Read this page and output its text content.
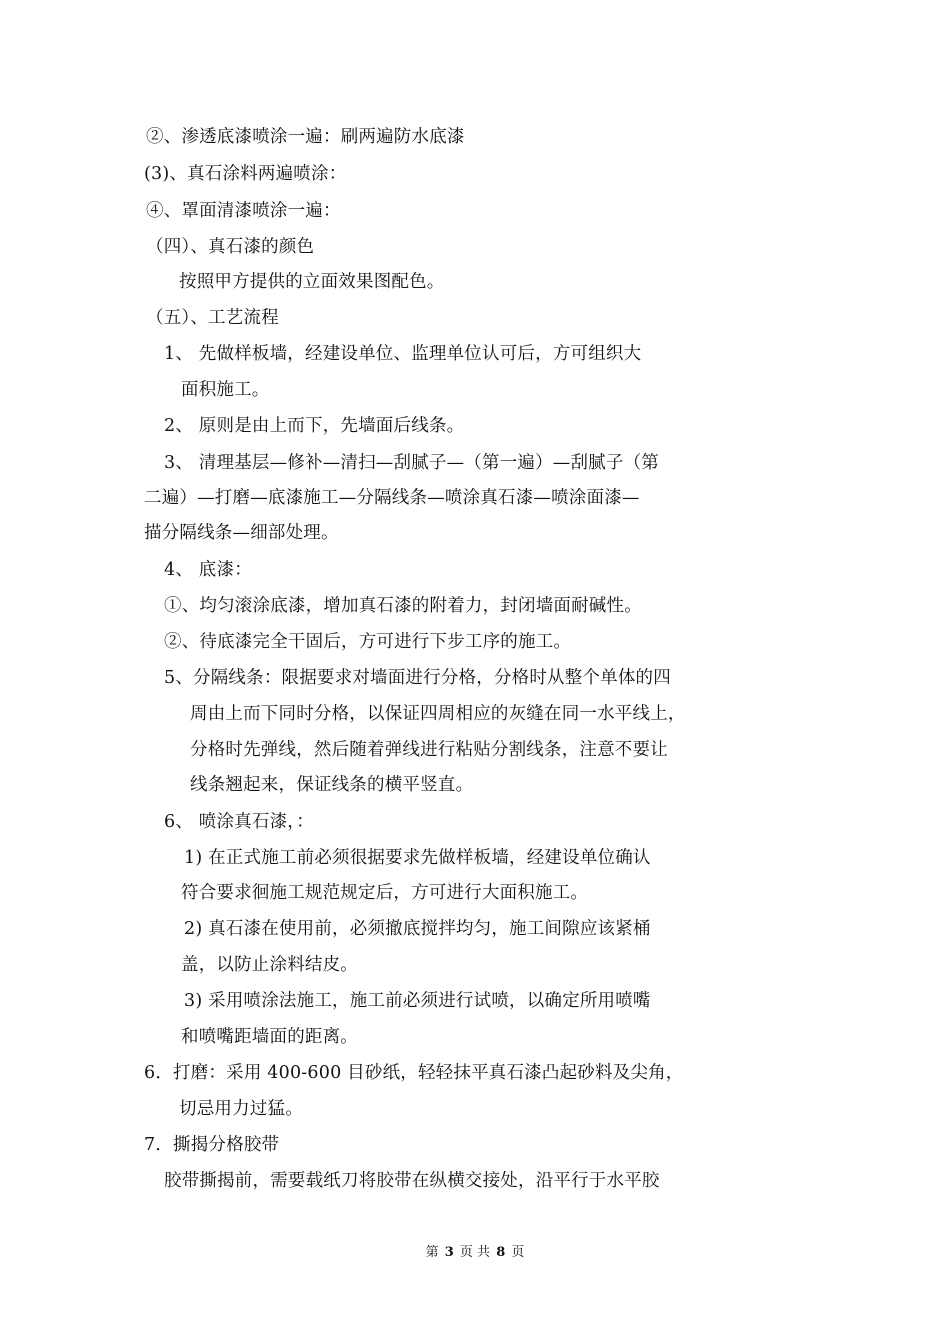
②、渗透底漆喷涂一遍：刷两遍防水底漆
(3)、真石涂料两遍喷涂：
④、罩面清漆喷涂一遍：
（四）、真石漆的颜色
按照甲方提供的立面效果图配色。
（五）、工艺流程
1、 先做样板墙，经建设单位、监理单位认可后，方可组织大
面积施工。
2、 原则是由上而下，先墙面后线条。
3、 清理基层—修补—清扫—刮腻子—（第一遍）—刮腻子（第
二遍）—打磨—底漆施工—分隔线条—喷涂真石漆—喷涂面漆—
描分隔线条—细部处理。
4、 底漆：
①、均匀滚涂底漆，增加真石漆的附着力，封闭墙面耐碱性。
②、待底漆完全干固后，方可进行下步工序的施工。
5、分隔线条：限据要求对墙面进行分格，分格时从整个单体的四
周由上而下同时分格，以保证四周相应的灰缝在同一水平线上，
分格时先弹线，然后随着弹线进行粘贴分割线条，注意不要让
线条翘起来，保证线条的横平竖直。
6、 喷涂真石漆，：
1) 在正式施工前必须很据要求先做样板墙，经建设单位确认
符合要求徊施工规范规定后，方可进行大面积施工。
2) 真石漆在使用前，必须撤底搅拌均匀，施工间隙应该紧桶
盖，以防止涂料结皮。
3) 采用喷涂法施工，施工前必须进行试喷，以确定所用喷嘴
和喷嘴距墙面的距离。
6．打磨：采用 400-600 目砂纸，轻轻抹平真石漆凸起砂料及尖角，
切忌用力过猛。
7．撕揭分格胶带
胶带撕揭前，需要载纸刀将胶带在纵横交接处，沿平行于水平胶
第 3 页 共 8 页
